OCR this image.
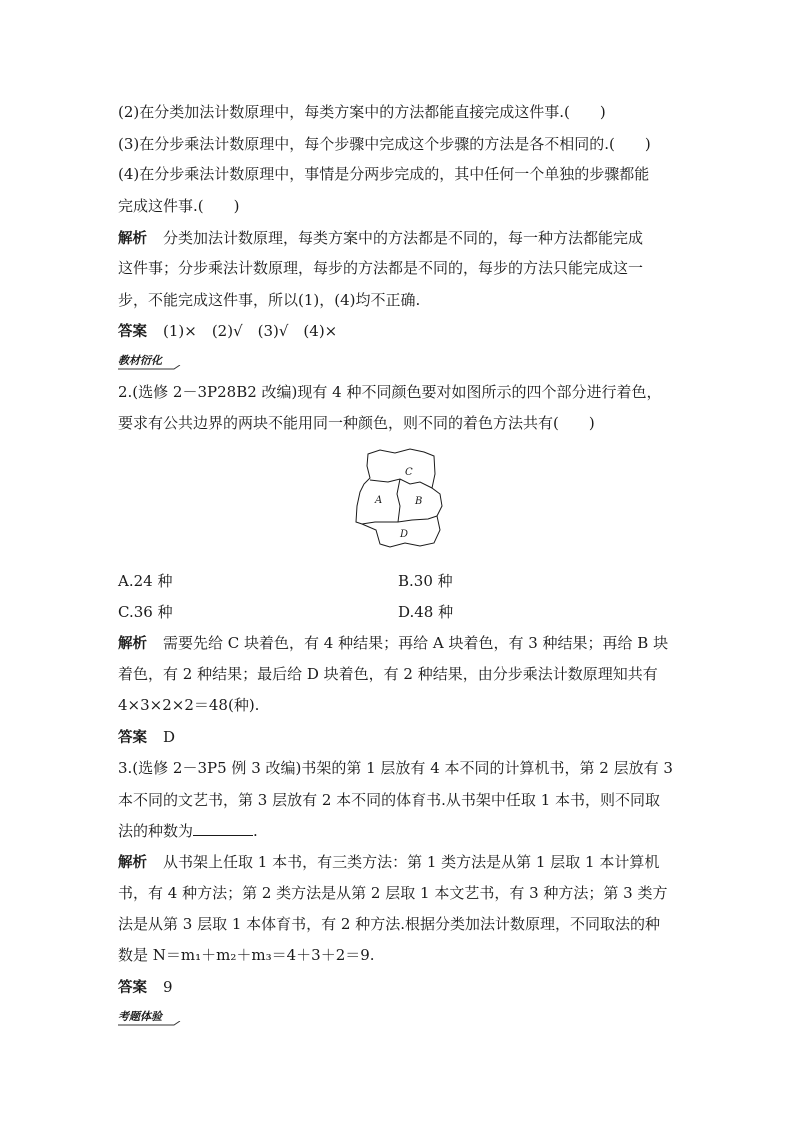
(2)在分类加法计数原理中，每类方案中的方法都能直接完成这件事.(　　)
(3)在分步乘法计数原理中，每个步骤中完成这个步骤的方法是各不相同的.(　　)
(4)在分步乘法计数原理中，事情是分两步完成的，其中任何一个单独的步骤都能
完成这件事.(　　)
解析 分类加法计数原理，每类方案中的方法都是不同的，每一种方法都能完成
这件事；分步乘法计数原理，每步的方法都是不同的，每步的方法只能完成这一
步，不能完成这件事，所以(1)，(4)均不正确.
答案 (1)×　(2)√　(3)√　(4)×
教材衍化
2.(选修 2－3P28B2 改编)现有 4 种不同颜色要对如图所示的四个部分进行着色，
要求有公共边界的两块不能用同一种颜色，则不同的着色方法共有(　　)
C
A	B
D
A.24 种	B.30 种
C.36 种	D.48 种
解析 需要先给 C 块着色，有 4 种结果；再给 A 块着色，有 3 种结果；再给 B 块
着色，有 2 种结果；最后给 D 块着色，有 2 种结果，由分步乘法计数原理知共有
4×3×2×2＝48(种).
答案 D
3.(选修 2－3P5 例 3 改编)书架的第 1 层放有 4 本不同的计算机书，第 2 层放有 3
本不同的文艺书，第 3 层放有 2 本不同的体育书.从书架中任取 1 本书，则不同取
法的种数为	.
解析 从书架上任取 1 本书，有三类方法：第 1 类方法是从第 1 层取 1 本计算机
书，有 4 种方法；第 2 类方法是从第 2 层取 1 本文艺书，有 3 种方法；第 3 类方
法是从第 3 层取 1 本体育书，有 2 种方法.根据分类加法计数原理，不同取法的种
数是 N＝m₁＋m₂＋m₃＝4＋3＋2＝9.
答案 9
考题体验
